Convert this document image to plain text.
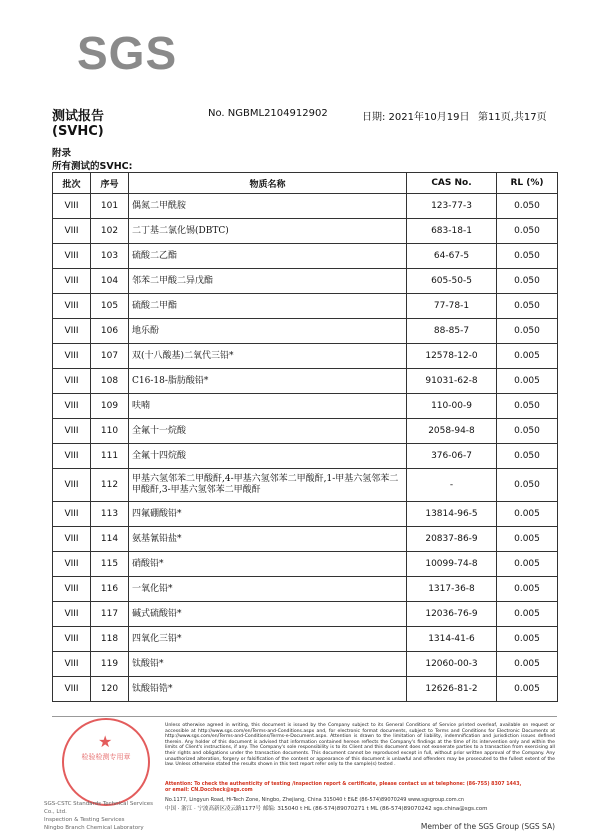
SGS
测试报告
(SVHC)
No. NGBML2104912902	日期: 2021年10月19日 第11页,共17页
附录
所有测试的SVHC:
批次	序号	物质名称	CAS No.	RL (%)
VIII	101	偶氮二甲酰胺	123-77-3	0.050
VIII	102	二丁基二氯化锡(DBTC)	683-18-1	0.050
VIII	103	硫酸二乙酯	64-67-5	0.050
VIII	104	邻苯二甲酸二异戊酯	605-50-5	0.050
VIII	105	硫酸二甲酯	77-78-1	0.050
VIII	106	地乐酚	88-85-7	0.050
VIII	107	双(十八酸基)二氧代三铅*	12578-12-0	0.005
VIII	108	C16-18-脂肪酸铅*	91031-62-8	0.005
VIII	109	呋喃	110-00-9	0.050
VIII	110	全氟十一烷酸	2058-94-8	0.050
VIII	111	全氟十四烷酸	376-06-7	0.050
VIII	112	甲基六氢邻苯二甲酸酐,4-甲基六氢邻苯二甲酸酐,1-甲基六氢邻苯二甲酸酐,3-甲基六氢邻苯二甲酸酐	-	0.050
VIII	113	四氟硼酸铅*	13814-96-5	0.005
VIII	114	氨基氰铅盐*	20837-86-9	0.005
VIII	115	硝酸铅*	10099-74-8	0.005
VIII	116	一氧化铅*	1317-36-8	0.005
VIII	117	碱式硫酸铅*	12036-76-9	0.005
VIII	118	四氧化三铅*	1314-41-6	0.005
VIII	119	钛酸铅*	12060-00-3	0.005
VIII	120	钛酸铅锆*	12626-81-2	0.005
★
检验检测专用章
SGS-CSTC Standards Technical Services Co., Ltd.
Inspection & Testing Services
Ningbo Branch Chemical Laboratory
Unless otherwise agreed in writing, this document is issued by the Company subject to its General Conditions of Service printed overleaf, available on request or accessible at http://www.sgs.com/en/Terms-and-Conditions.aspx and, for electronic format documents, subject to Terms and Conditions for Electronic Documents at http://www.sgs.com/en/Terms-and-Conditions/Terms-e-Document.aspx. Attention is drawn to the limitation of liability, indemnification and jurisdiction issues defined therein. Any holder of this document is advised that information contained hereon reflects the Company's findings at the time of its intervention only and within the limits of Client's instructions, if any. The Company's sole responsibility is to its Client and this document does not exonerate parties to a transaction from exercising all their rights and obligations under the transaction documents. This document cannot be reproduced except in full, without prior written approval of the Company. Any unauthorized alteration, forgery or falsification of the content or appearance of this document is unlawful and offenders may be prosecuted to the fullest extent of the law. Unless otherwise stated the results shown in this test report refer only to the sample(s) tested .
Attention: To check the authenticity of testing /inspection report & certificate, please contact us at telephone: (86-755) 8307 1443,
or email: CN.Doccheck@sgs.com
No.1177, Lingyun Road, Hi-Tech Zone, Ningbo, Zhejiang, China 315040 t E&E (86-574)89070249 www.sgsgroup.com.cn
中国 · 浙江 · 宁波高新区凌云路1177号 邮编: 315040 t HL (86-574)89070271 t ML (86-574)89070242 sgs.china@sgs.com
Member of the SGS Group (SGS SA)
